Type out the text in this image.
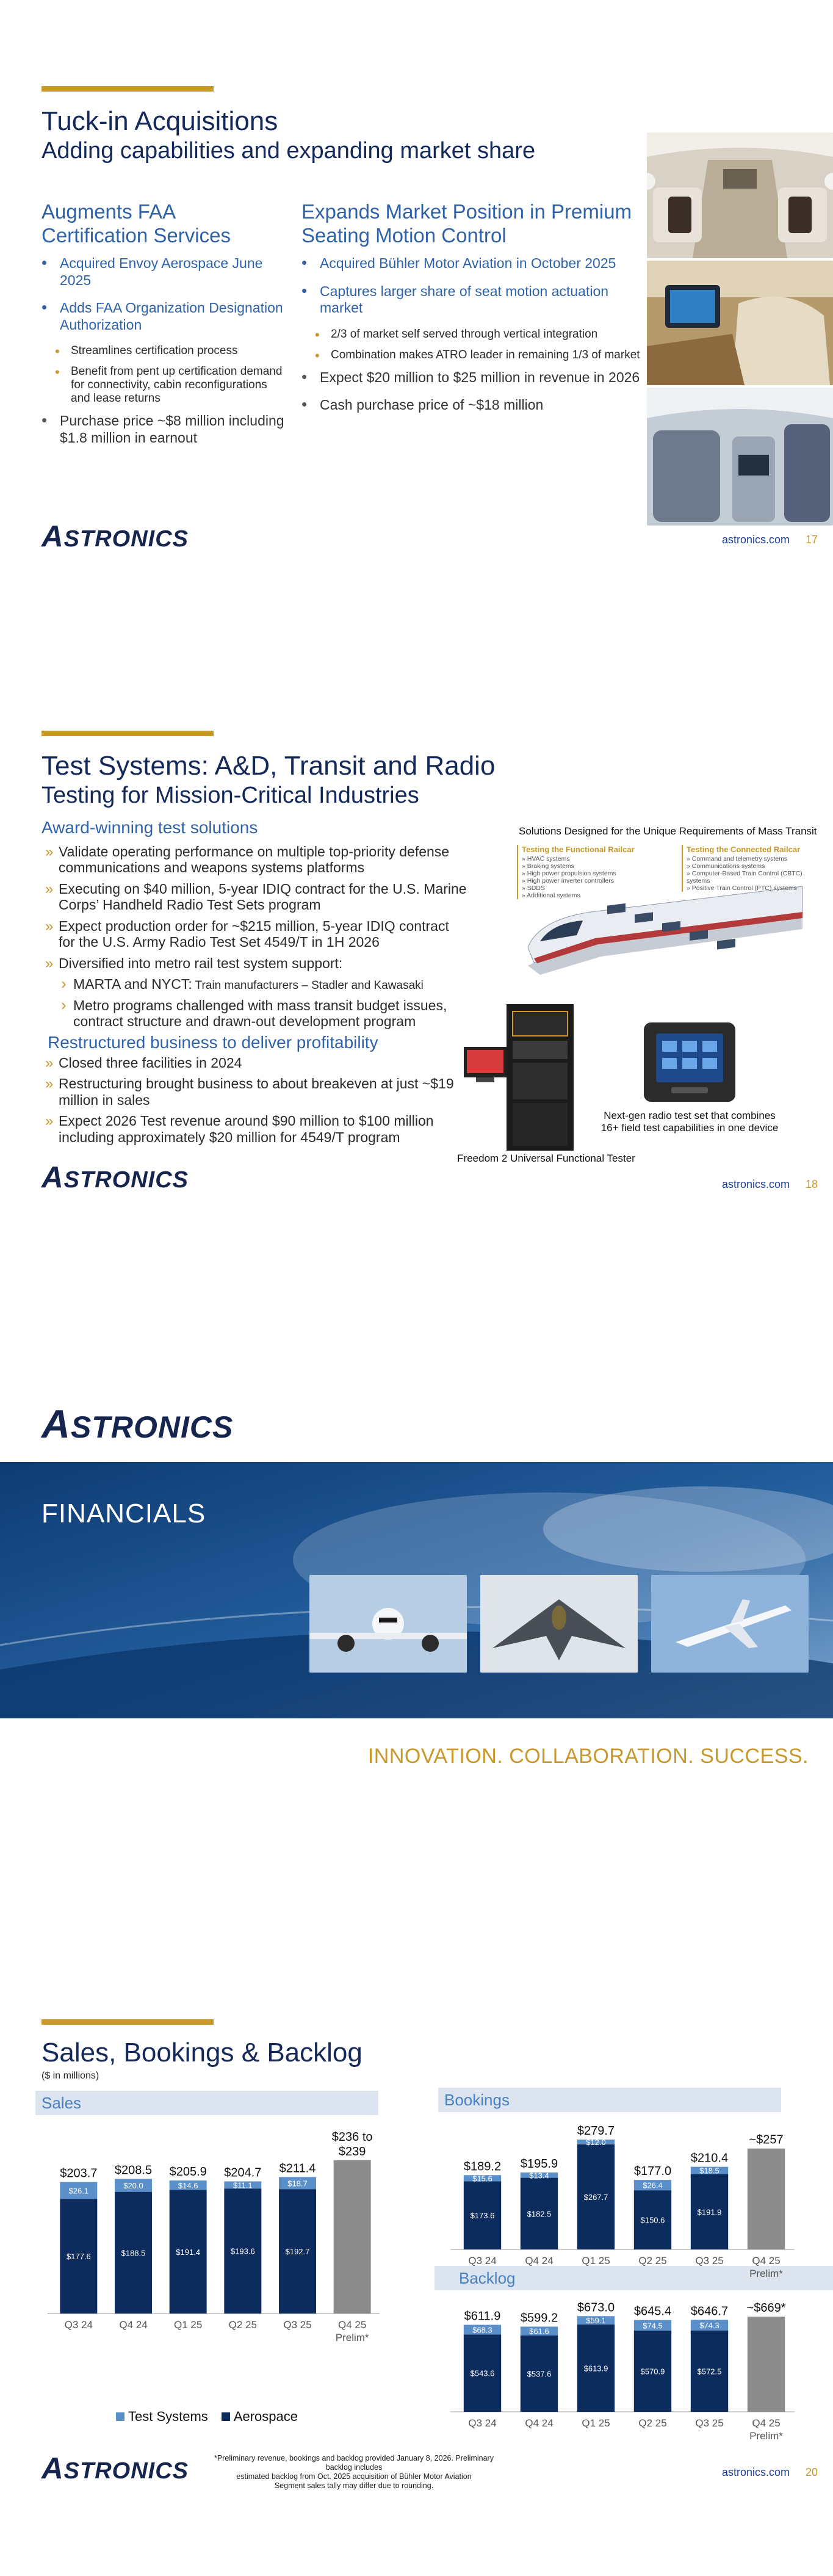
Tuck-in Acquisitions
Adding capabilities and expanding market share
Augments FAA Certification Services
• Acquired Envoy Aerospace June 2025
• Adds FAA Organization Designation Authorization
• Streamlines certification process
• Benefit from pent up certification demand for connectivity, cabin reconfigurations and lease returns
• Purchase price ~$8 million including $1.8 million in earnout
Expands Market Position in Premium Seating Motion Control
• Acquired Bühler Motor Aviation in October 2025
• Captures larger share of seat motion actuation market
• 2/3 of market self served through vertical integration
• Combination makes ATRO leader in remaining 1/3 of market
• Expect $20 million to $25 million in revenue in 2026
• Cash purchase price of ~$18 million
ASTRONICS	astronics.com 17
Test Systems: A&D, Transit and Radio
Testing for Mission-Critical Industries
Award-winning test solutions
» Validate operating performance on multiple top-priority defense communications and weapons systems platforms
» Executing on $40 million, 5-year IDIQ contract for the U.S. Marine Corps’ Handheld Radio Test Sets program
» Expect production order for ~$215 million, 5-year IDIQ contract for the U.S. Army Radio Test Set 4549/T in 1H 2026
» Diversified into metro rail test system support:
› MARTA and NYCT: Train manufacturers – Stadler and Kawasaki
› Metro programs challenged with mass transit budget issues, contract structure and drawn-out development program
Restructured business to deliver profitability
» Closed three facilities in 2024
» Restructuring brought business to about breakeven at just ~$19 million in sales
» Expect 2026 Test revenue around $90 million to $100 million including approximately $20 million for 4549/T program
Solutions Designed for the Unique Requirements of Mass Transit
Testing the Functional Railcar
» HVAC systems
» Braking systems
» High power propulsion systems
» High power inverter controllers
» SDDS
» Additional systems
Testing the Connected Railcar
» Command and telemetry systems
» Communications systems
» Computer-Based Train Control (CBTC) systems
» Positive Train Control (PTC) systems
Next-gen radio test set that combines 16+ field test capabilities in one device
Freedom 2 Universal Functional Tester
ASTRONICS	astronics.com 18
ASTRONICS
FINANCIALS
INNOVATION. COLLABORATION. SUCCESS.
Sales, Bookings & Backlog
($ in millions)
Sales	Bookings
Backlog
$177.6
$26.1
$203.7
Q3 24
$188.5
$20.0
$208.5
Q4 24
$191.4
$14.6
$205.9
Q1 25
$193.6
$11.1
$204.7
Q2 25
$192.7
$18.7
$211.4
Q3 25
$236 to
$239
Q4 25
Prelim*
$173.6
$15.6
$189.2
Q3 24
$182.5
$13.4
$195.9
Q4 24
$267.7
$12.0
$279.7
Q1 25
$150.6
$26.4
$177.0
Q2 25
$191.9
$18.5
$210.4
Q3 25
~$257
Q4 25
Prelim*
$543.6
$68.3
$611.9
Q3 24
$537.6
$61.6
$599.2
Q4 24
$613.9
$59.1
$673.0
Q1 25
$570.9
$74.5
$645.4
Q2 25
$572.5
$74.3
$646.7
Q3 25
~$669*
Q4 25
Prelim*
Test Systems Aerospace
ASTRONICS	*Preliminary revenue, bookings and backlog provided January 8, 2026. Preliminary backlog includes
estimated backlog from Oct. 2025 acquisition of Bühler Motor Aviation
Segment sales tally may differ due to rounding.
astronics.com 20
